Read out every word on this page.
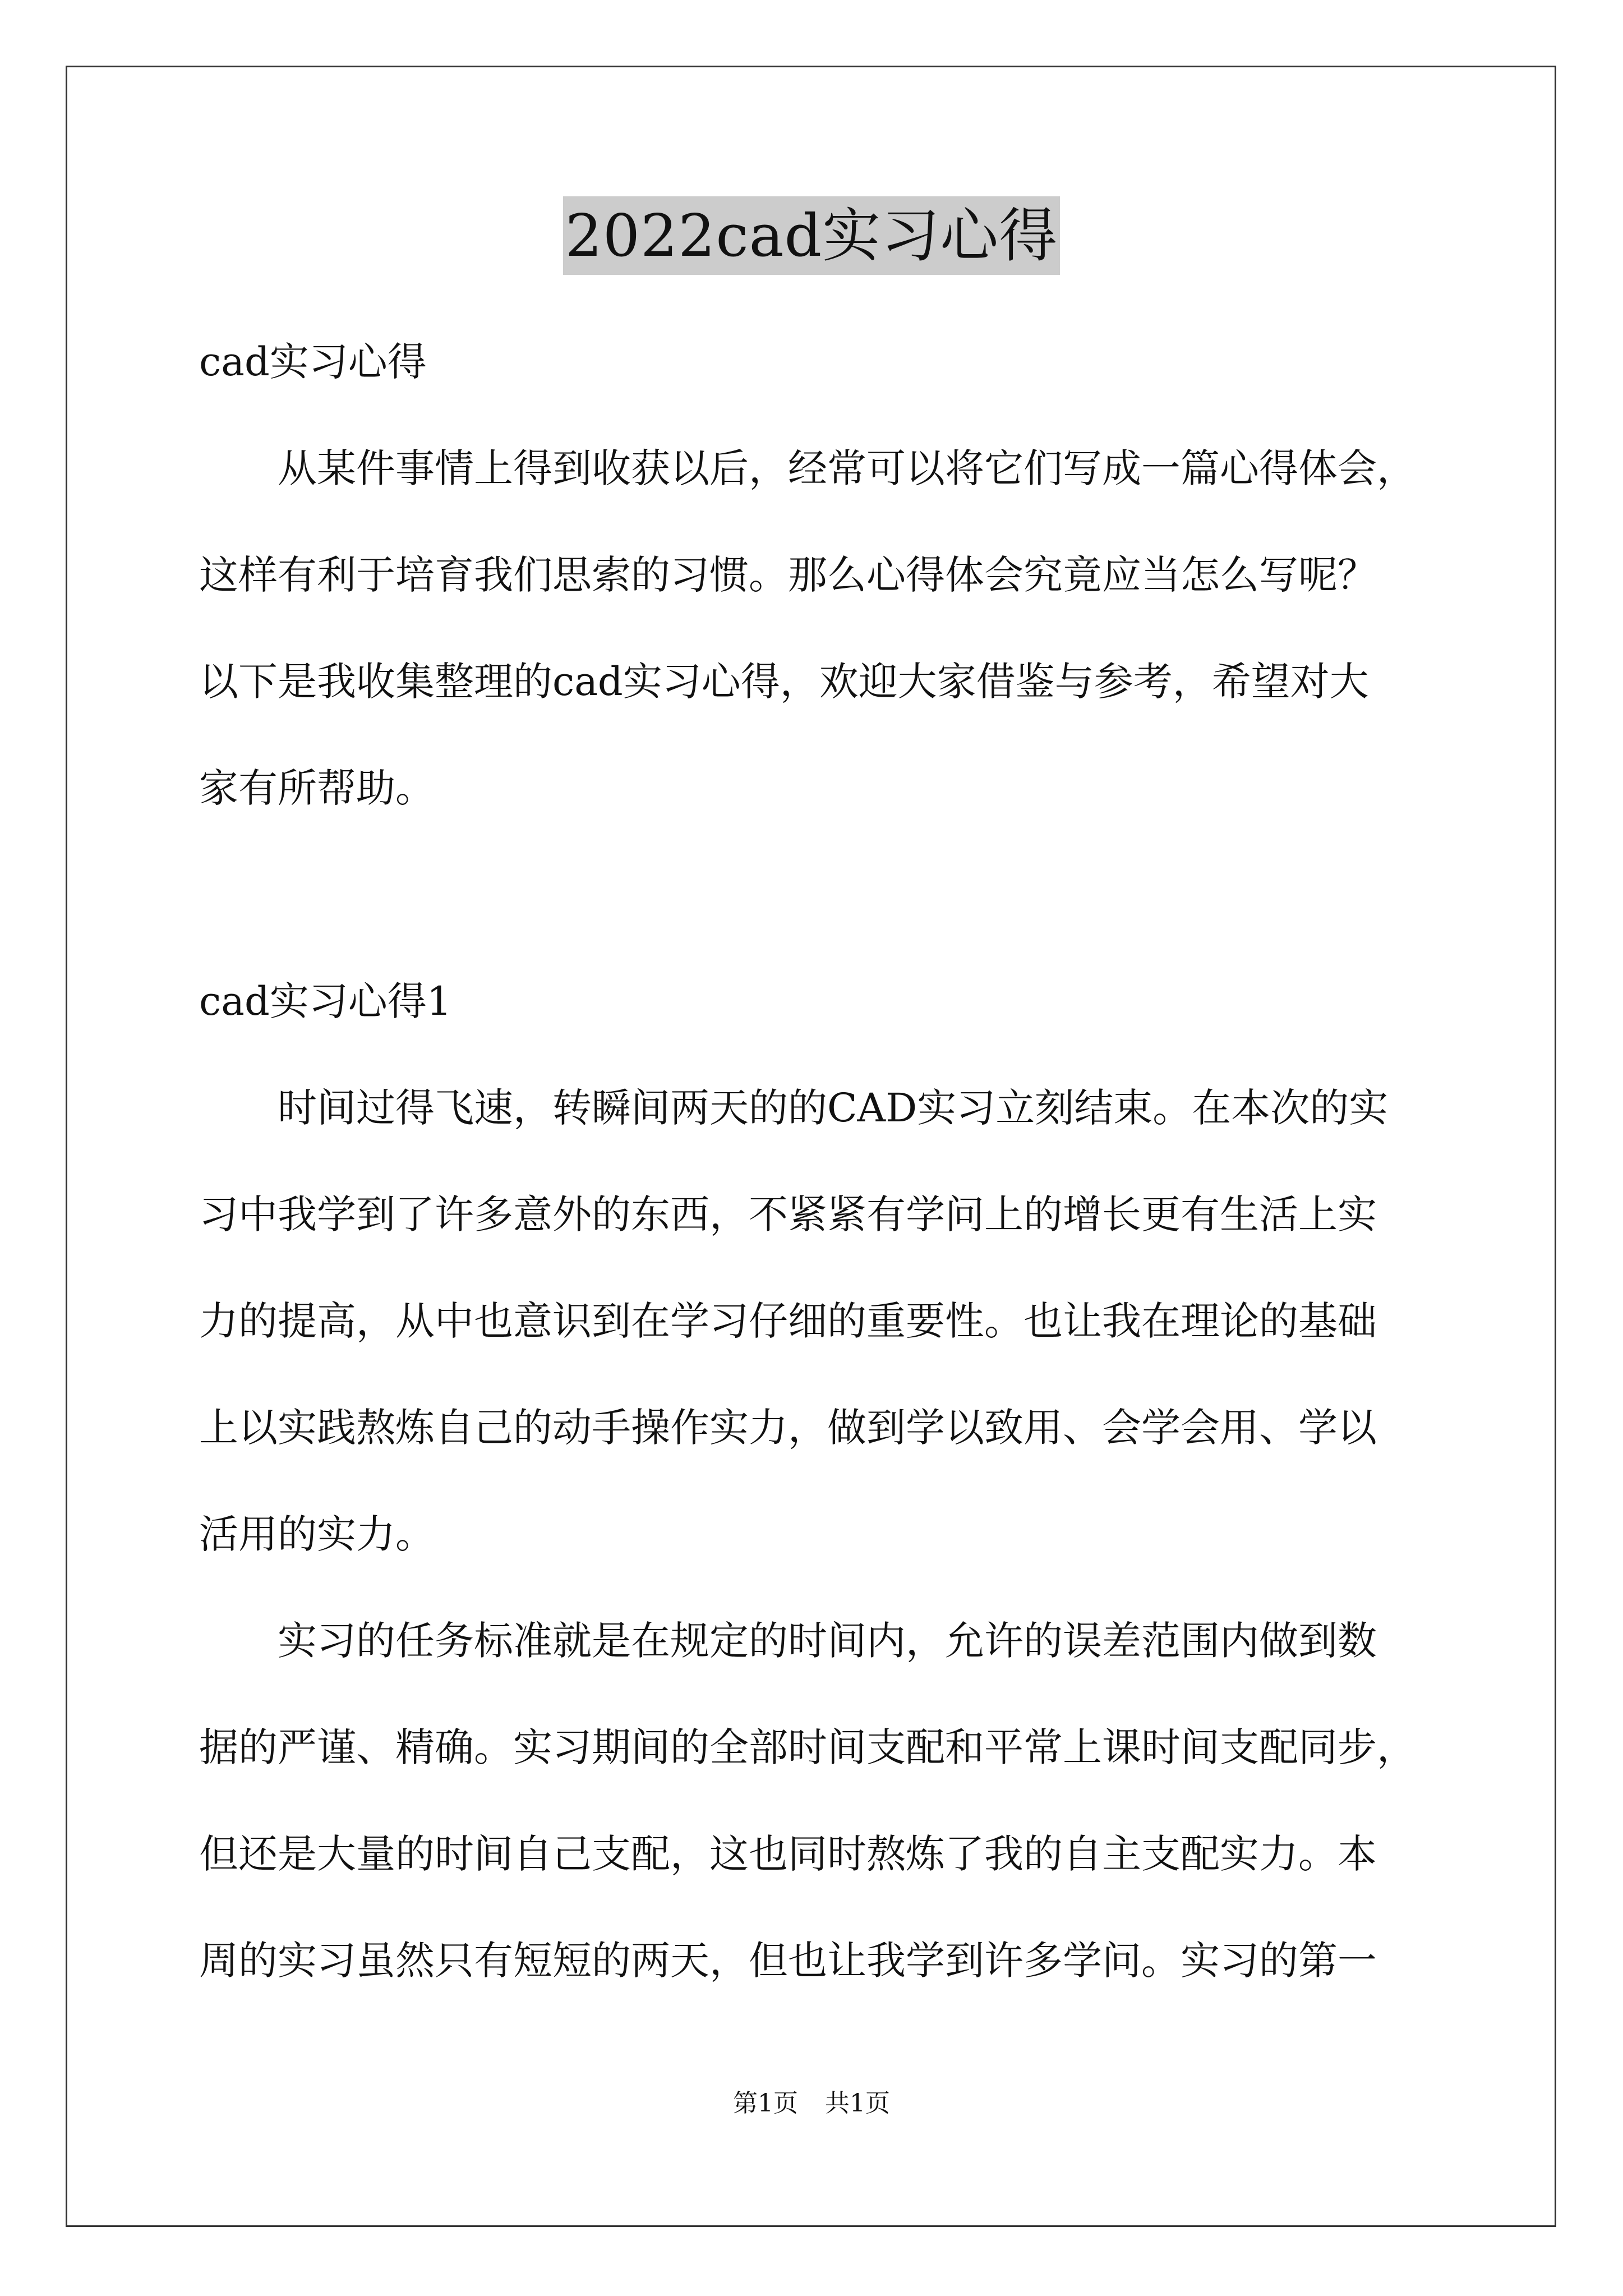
2022cad实习心得

cad实习心得

　　从某件事情上得到收获以后，经常可以将它们写成一篇心得体会，

这样有利于培育我们思索的习惯。那么心得体会究竟应当怎么写呢？

以下是我收集整理的cad实习心得，欢迎大家借鉴与参考，希望对大

家有所帮助。

cad实习心得1

　　时间过得飞速，转瞬间两天的的CAD实习立刻结束。在本次的实

习中我学到了许多意外的东西，不紧紧有学问上的增长更有生活上实

力的提高，从中也意识到在学习仔细的重要性。也让我在理论的基础

上以实践熬炼自己的动手操作实力，做到学以致用、会学会用、学以

活用的实力。

　　实习的任务标准就是在规定的时间内，允许的误差范围内做到数

据的严谨、精确。实习期间的全部时间支配和平常上课时间支配同步，

但还是大量的时间自己支配，这也同时熬炼了我的自主支配实力。本

周的实习虽然只有短短的两天，但也让我学到许多学问。实习的第一

第1页 共1页
